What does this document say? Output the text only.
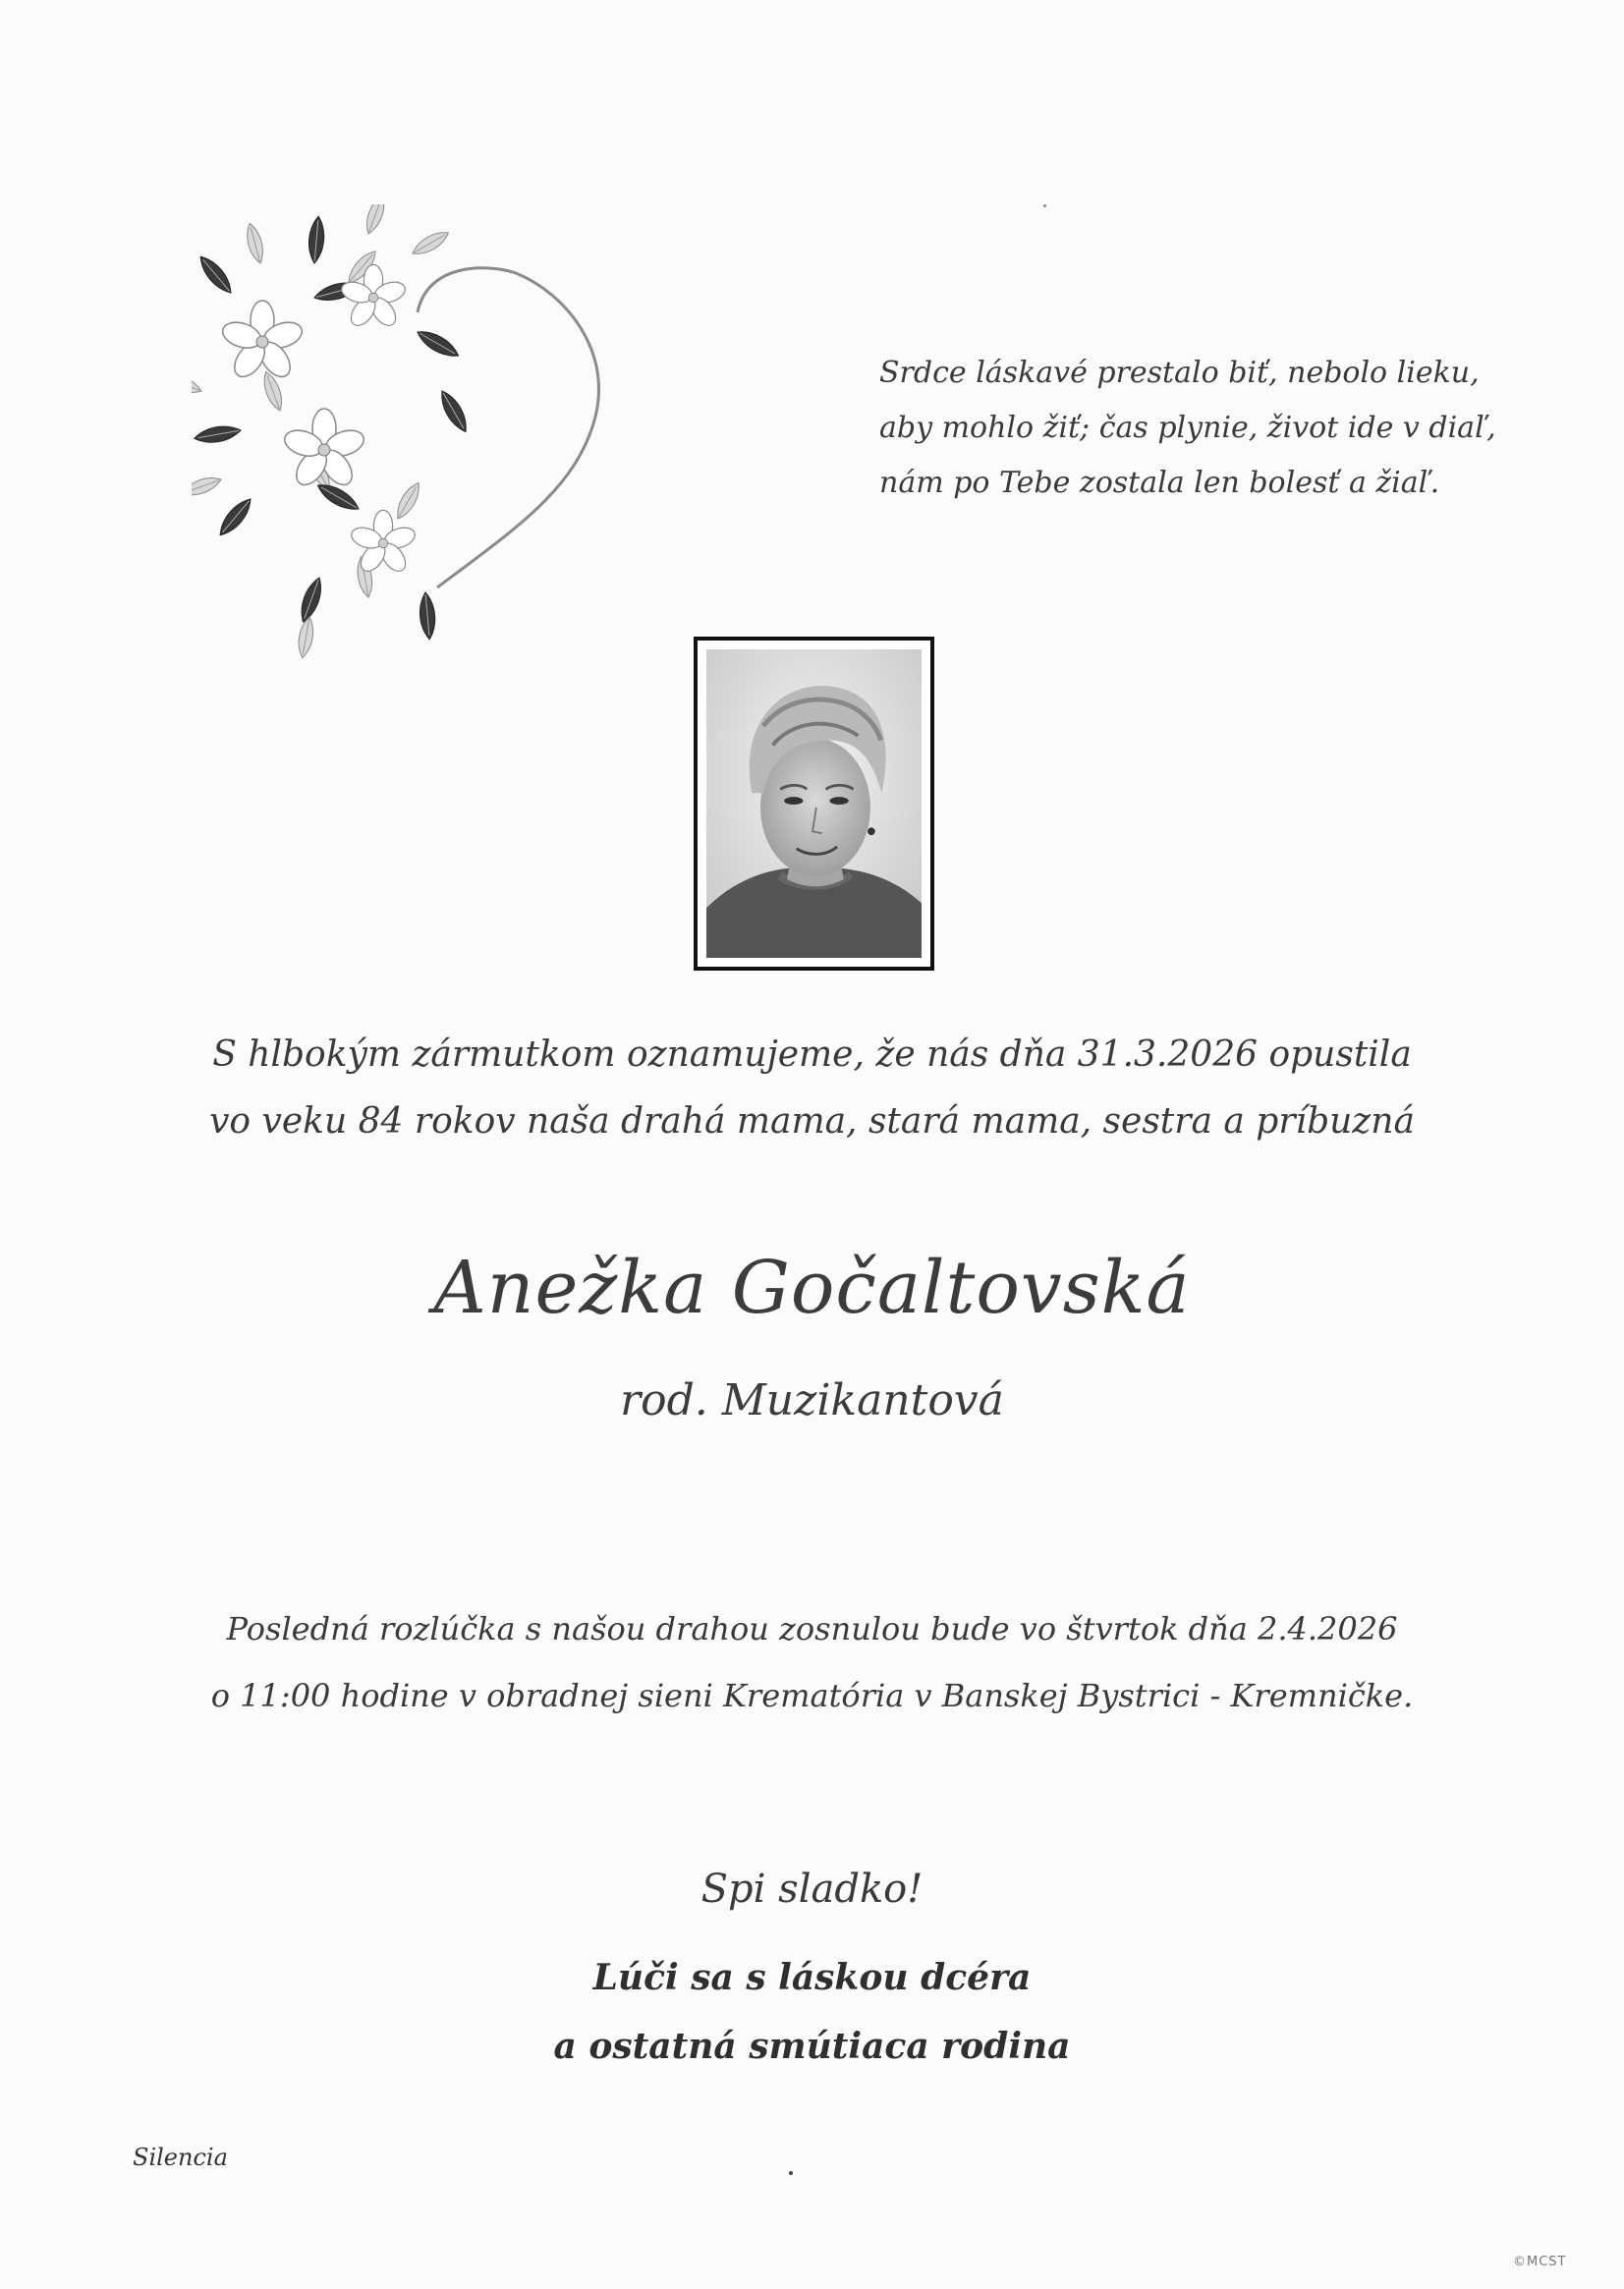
Srdce láskavé prestalo biť, nebolo lieku,
aby mohlo žiť; čas plynie, život ide v diaľ,
nám po Tebe zostala len bolesť a žiaľ.
S hlbokým zármutkom oznamujeme, že nás dňa 31.3.2026 opustila
vo veku 84 rokov naša drahá mama, stará mama, sestra a príbuzná
Anežka Gočaltovská
rod. Muzikantová
Posledná rozlúčka s našou drahou zosnulou bude vo štvrtok dňa 2.4.2026
o 11:00 hodine v obradnej sieni Krematória v Banskej Bystrici - Kremničke.
Spi sladko!
Lúči sa s láskou dcéra
a ostatná smútiaca rodina
Silencia
©MCST
